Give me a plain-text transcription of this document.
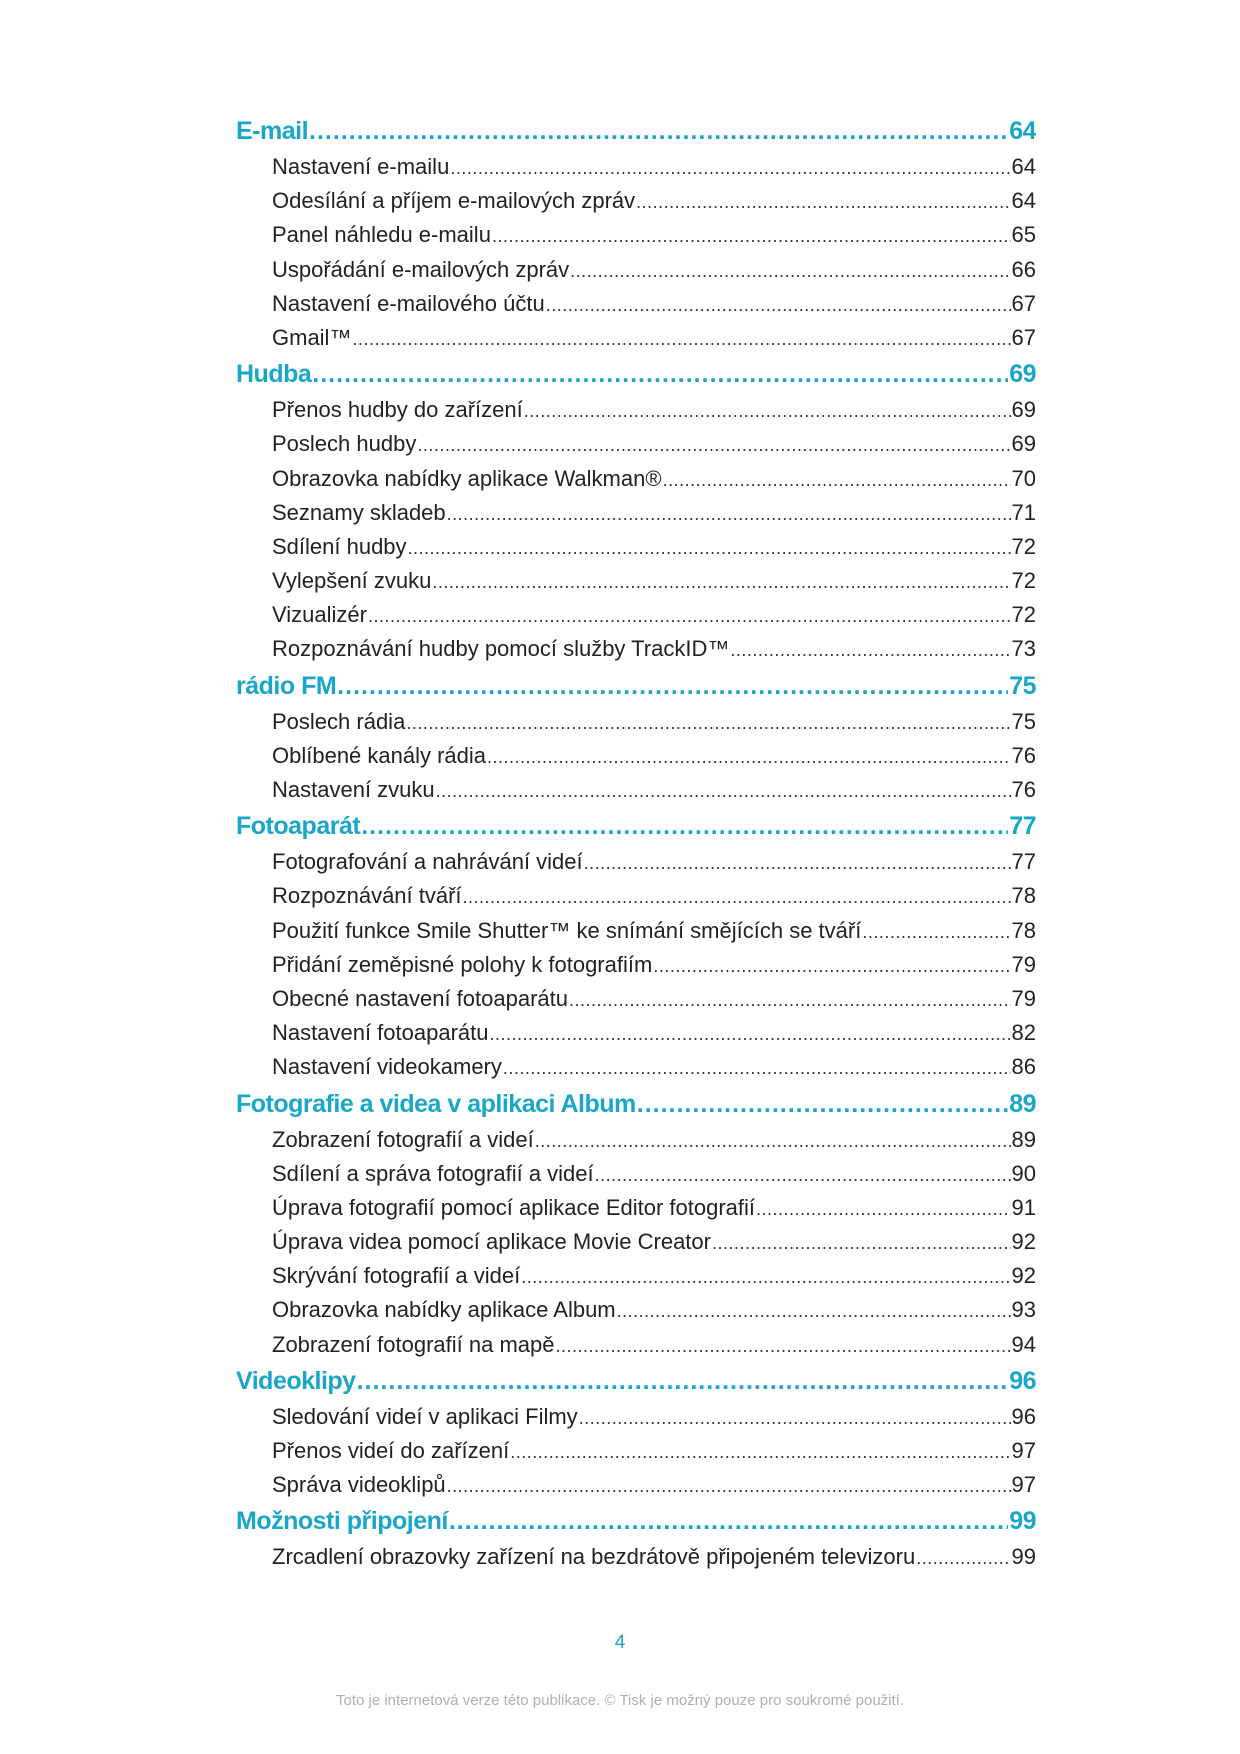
E-mail .....	64
Nastavení e-mailu .....	64
Odesílání a příjem e-mailových zpráv .....	64
Panel náhledu e-mailu .....	65
Uspořádání e-mailových zpráv .....	66
Nastavení e-mailového účtu .....	67
Gmail™ .....	67
Hudba .....	69
Přenos hudby do zařízení .....	69
Poslech hudby .....	69
Obrazovka nabídky aplikace Walkman® .....	70
Seznamy skladeb .....	71
Sdílení hudby .....	72
Vylepšení zvuku .....	72
Vizualizér .....	72
Rozpoznávání hudby pomocí služby TrackID™ .....	73
rádio FM .....	75
Poslech rádia .....	75
Oblíbené kanály rádia .....	76
Nastavení zvuku .....	76
Fotoaparát .....	77
Fotografování a nahrávání videí .....	77
Rozpoznávání tváří .....	78
Použití funkce Smile Shutter™ ke snímání smějících se tváří .....	78
Přidání zeměpisné polohy k fotografiím .....	79
Obecné nastavení fotoaparátu .....	79
Nastavení fotoaparátu .....	82
Nastavení videokamery .....	86
Fotografie a videa v aplikaci Album .....	89
Zobrazení fotografií a videí .....	89
Sdílení a správa fotografií a videí .....	90
Úprava fotografií pomocí aplikace Editor fotografií .....	91
Úprava videa pomocí aplikace Movie Creator .....	92
Skrývání fotografií a videí .....	92
Obrazovka nabídky aplikace Album .....	93
Zobrazení fotografií na mapě .....	94
Videoklipy .....	96
Sledování videí v aplikaci Filmy .....	96
Přenos videí do zařízení .....	97
Správa videoklipů .....	97
Možnosti připojení .....	99
Zrcadlení obrazovky zařízení na bezdrátově připojeném televizoru .....	99
4
Toto je internetová verze této publikace. © Tisk je možný pouze pro soukromé použití.
